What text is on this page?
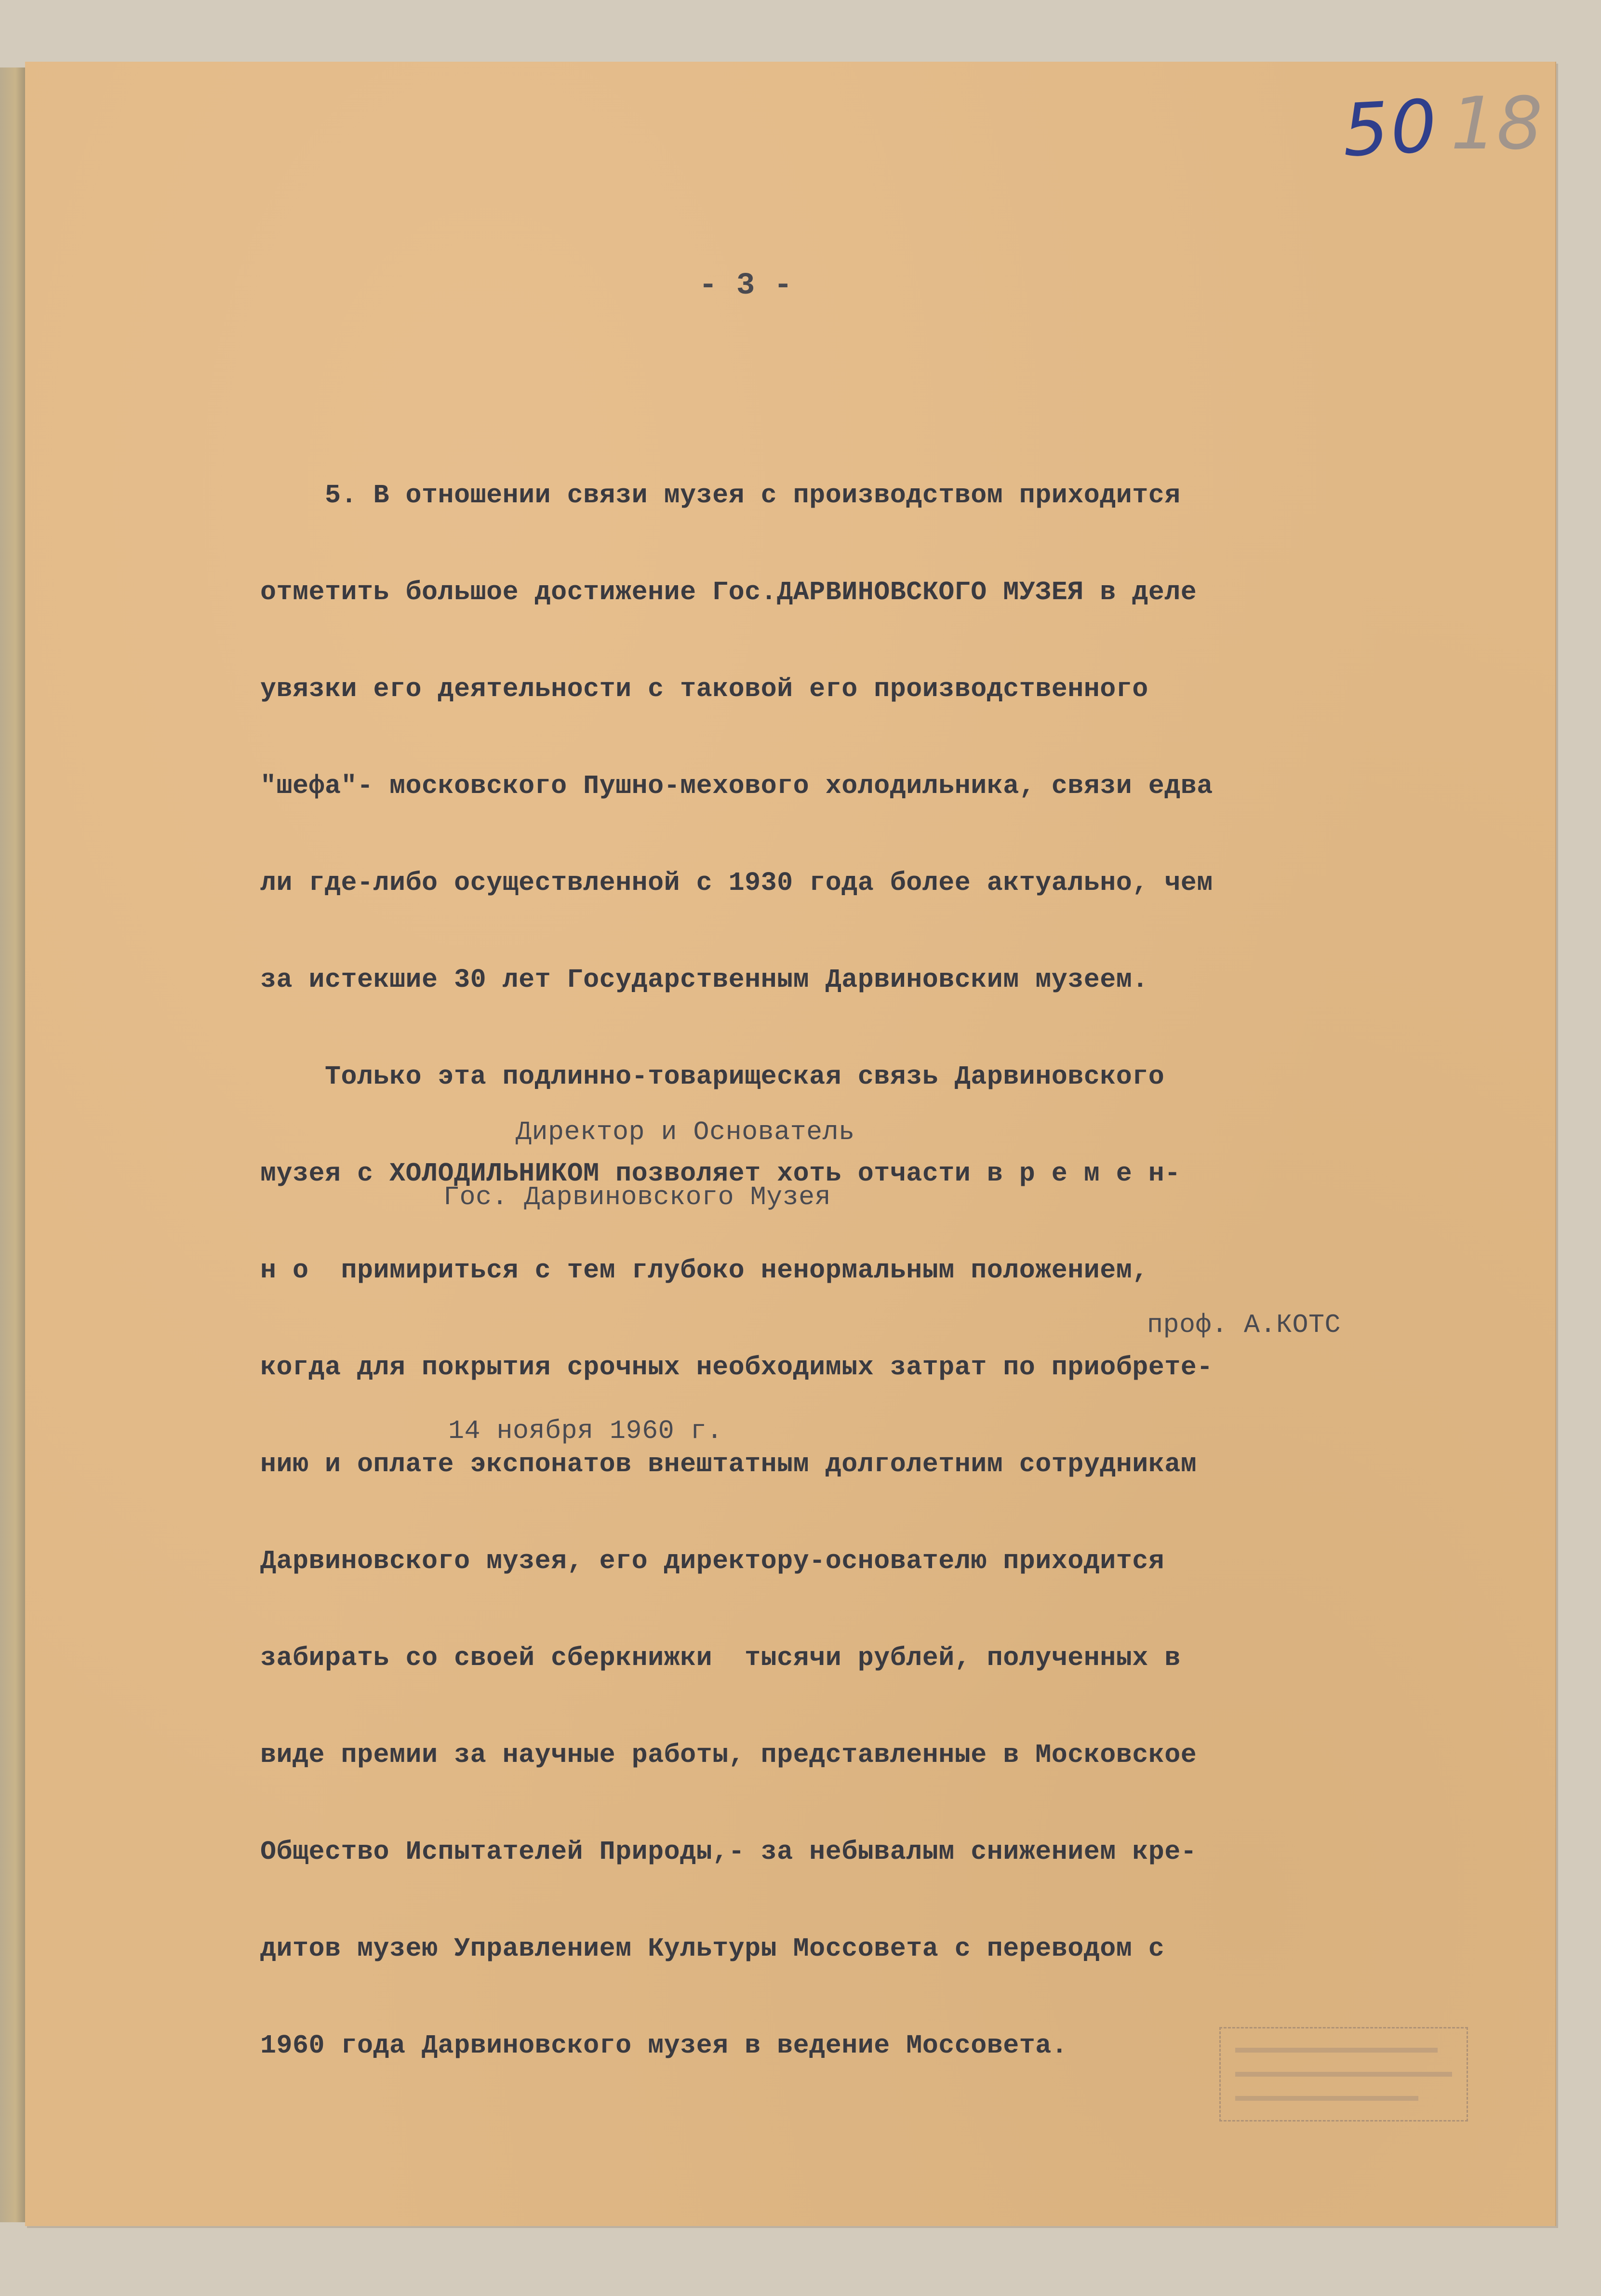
50 18
- 3 -

5. В отношении связи музея с производством приходится

отметить большое достижение Гос.ДАРВИНОВСКОГО МУЗЕЯ в деле

увязки его деятельности с таковой его производственного

"шефа"- московского Пушно-мехового холодильника, связи едва

ли где-либо осуществленной с 1930 года более актуально, чем

за истекшие 30 лет Государственным Дарвиновским музеем.

Только эта подлинно-товарищеская связь Дарвиновского

музея с ХОЛОДИЛЬНИКОМ позволяет хоть отчасти в р е м е н-

н о  примириться с тем глубоко ненормальным положением,

когда для покрытия срочных необходимых затрат по приобрете-

нию и оплате экспонатов внештатным долголетним сотрудникам

Дарвиновского музея, его директору-основателю приходится

забирать со своей сберкнижки  тысячи рублей, полученных в

виде премии за научные работы, представленные в Московское

Общество Испытателей Природы,- за небывалым снижением кре-

дитов музею Управлением Культуры Моссовета с переводом с

1960 года Дарвиновского музея в ведение Моссовета.

Директор и Основатель
Гос. Дарвиновского Музея
проф. А.КОТС
14 ноября 1960 г.
